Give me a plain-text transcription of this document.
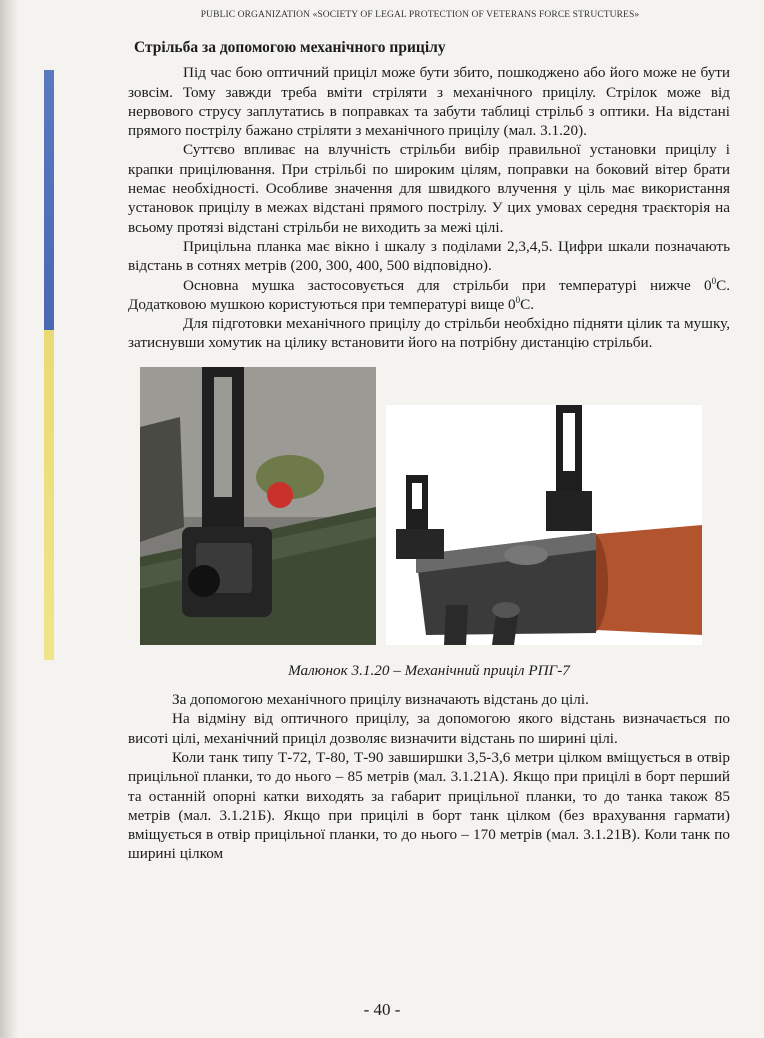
PUBLIC ORGANIZATION «SOCIETY OF LEGAL PROTECTION OF VETERANS FORCE STRUCTURES»
Стрільба за допомогою механічного прицілу

Під час бою оптичний приціл може бути збито, пошкоджено або його може не бути зовсім. Тому завжди треба вміти стріляти з механічного прицілу. Стрілок може від нервового струсу заплутатись в поправках та забути таблиці стрільб з оптики. На відстані прямого пострілу бажано стріляти з механічного прицілу (мал. 3.1.20).

Суттєво впливає на влучність стрільби вибір правильної установки прицілу і крапки прицілювання. При стрільбі по широким цілям, поправки на боковий вітер брати немає необхідності. Особливе значення для швидкого влучення у ціль має використання установок прицілу в межах відстані прямого пострілу. У цих умовах середня траєкторія на всьому протязі відстані стрільби не виходить за межі цілі.

Прицільна планка має вікно і шкалу з поділами 2,3,4,5. Цифри шкали позначають відстань в сотнях метрів (200, 300, 400, 500 відповідно).

Основна мушка застосовується для стрільби при температурі нижче $0^0С$. Додатковою мушкою користуються при температурі вище $0^0С$.

Для підготовки механічного прицілу до стрільби необхідно підняти цілик та мушку, затиснувши хомутик на цілику встановити його на потрібну дистанцію стрільби.

Малюнок 3.1.20 – Механічний приціл РПГ-7

За допомогою механічного прицілу визначають відстань до цілі.

На відміну від оптичного прицілу, за допомогою якого відстань визначається по висоті цілі, механічний приціл дозволяє визначити відстань по ширині цілі.

Коли танк типу Т-72, Т-80, Т-90 завширшки 3,5-3,6 метри цілком вміщується в отвір прицільної планки, то до нього – 85 метрів (мал. 3.1.21А). Якщо при прицілі в борт перший та останній опорні катки виходять за габарит прицільної планки, то до танка також 85 метрів (мал. 3.1.21Б). Якщо при прицілі в борт танк цілком (без врахування гармати) вміщується в отвір прицільної планки, то до нього – 170 метрів (мал. 3.1.21В). Коли танк по ширині цілком

- 40 -
